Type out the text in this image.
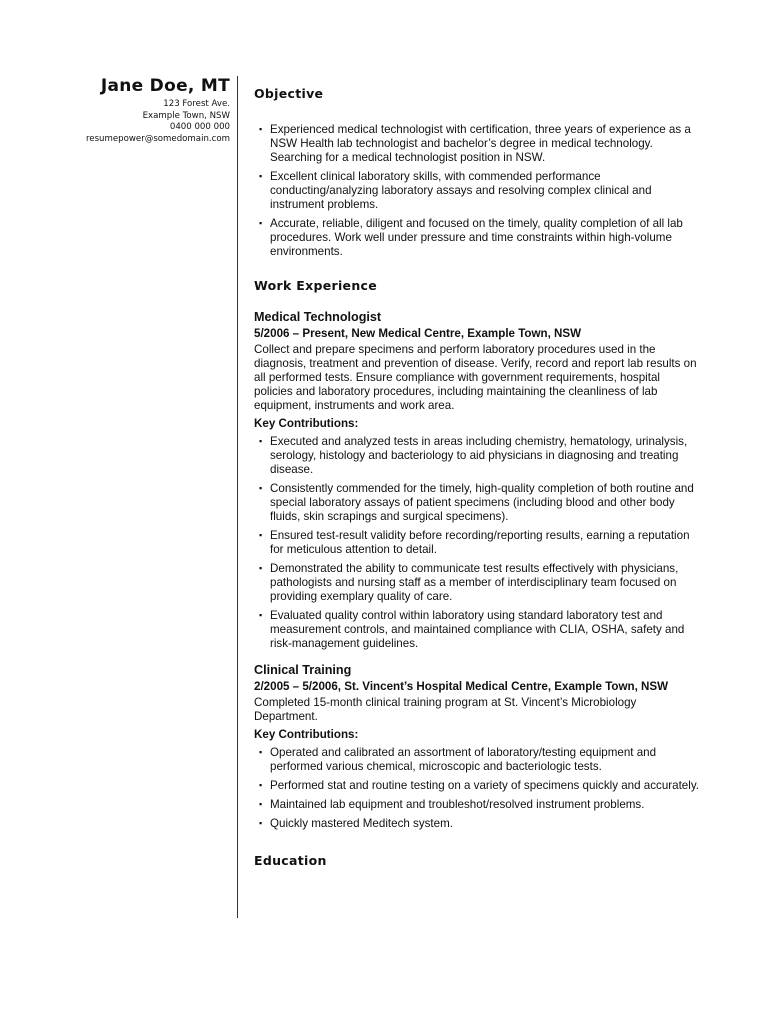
Jane Doe, MT
123 Forest Ave.
Example Town, NSW
0400 000 000
resumepower@somedomain.com
Objective
▪ Experienced medical technologist with certification, three years of experience as a NSW Health lab technologist and bachelor’s degree in medical technology. Searching for a medical technologist position in NSW.
▪ Excellent clinical laboratory skills, with commended performance conducting/analyzing laboratory assays and resolving complex clinical and instrument problems.
▪ Accurate, reliable, diligent and focused on the timely, quality completion of all lab procedures. Work well under pressure and time constraints within high-volume environments.
Work Experience
Medical Technologist
5/2006 – Present, New Medical Centre, Example Town, NSW

Collect and prepare specimens and perform laboratory procedures used in the diagnosis, treatment and prevention of disease. Verify, record and report lab results on all performed tests. Ensure compliance with government requirements, hospital policies and laboratory procedures, including maintaining the cleanliness of lab equipment, instruments and work area.

Key Contributions:
▪ Executed and analyzed tests in areas including chemistry, hematology, urinalysis, serology, histology and bacteriology to aid physicians in diagnosing and treating disease.
▪ Consistently commended for the timely, high-quality completion of both routine and special laboratory assays of patient specimens (including blood and other body fluids, skin scrapings and surgical specimens).
▪ Ensured test-result validity before recording/reporting results, earning a reputation for meticulous attention to detail.
▪ Demonstrated the ability to communicate test results effectively with physicians, pathologists and nursing staff as a member of interdisciplinary team focused on providing exemplary quality of care.
▪ Evaluated quality control within laboratory using standard laboratory test and measurement controls, and maintained compliance with CLIA, OSHA, safety and risk-management guidelines.
Clinical Training
2/2005 – 5/2006, St. Vincent’s Hospital Medical Centre, Example Town, NSW

Completed 15-month clinical training program at St. Vincent’s Microbiology Department.

Key Contributions:
▪ Operated and calibrated an assortment of laboratory/testing equipment and performed various chemical, microscopic and bacteriologic tests.
▪ Performed stat and routine testing on a variety of specimens quickly and accurately.
▪ Maintained lab equipment and troubleshot/resolved instrument problems.
▪ Quickly mastered Meditech system.
Education
